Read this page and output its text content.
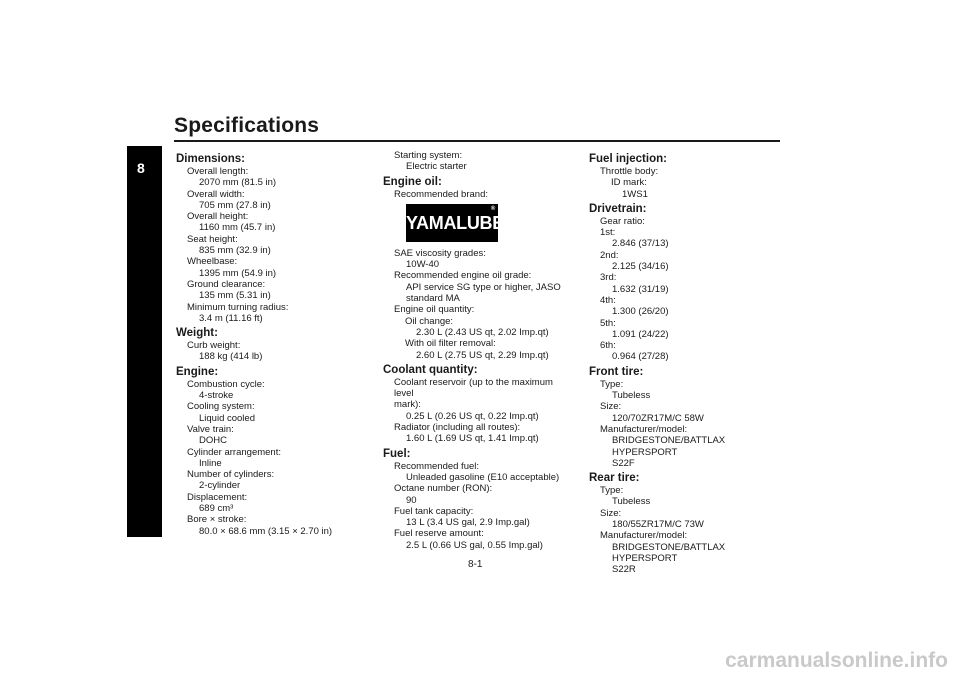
Specifications
8
Dimensions:
Overall length:
2070 mm (81.5 in)
Overall width:
705 mm (27.8 in)
Overall height:
1160 mm (45.7 in)
Seat height:
835 mm (32.9 in)
Wheelbase:
1395 mm (54.9 in)
Ground clearance:
135 mm (5.31 in)
Minimum turning radius:
3.4 m (11.16 ft)
Weight:
Curb weight:
188 kg (414 lb)
Engine:
Combustion cycle:
4-stroke
Cooling system:
Liquid cooled
Valve train:
DOHC
Cylinder arrangement:
Inline
Number of cylinders:
2-cylinder
Displacement:
689 cm³
Bore × stroke:
80.0 × 68.6 mm (3.15 × 2.70 in)
Starting system:
Electric starter
Engine oil:
Recommended brand:
YAMALUBE
®
SAE viscosity grades:
10W-40
Recommended engine oil grade:
API service SG type or higher, JASO
standard MA
Engine oil quantity:
Oil change:
2.30 L (2.43 US qt, 2.02 Imp.qt)
With oil filter removal:
2.60 L (2.75 US qt, 2.29 Imp.qt)
Coolant quantity:
Coolant reservoir (up to the maximum level
mark):
0.25 L (0.26 US qt, 0.22 Imp.qt)
Radiator (including all routes):
1.60 L (1.69 US qt, 1.41 Imp.qt)
Fuel:
Recommended fuel:
Unleaded gasoline (E10 acceptable)
Octane number (RON):
90
Fuel tank capacity:
13 L (3.4 US gal, 2.9 Imp.gal)
Fuel reserve amount:
2.5 L (0.66 US gal, 0.55 Imp.gal)
Fuel injection:
Throttle body:
ID mark:
1WS1
Drivetrain:
Gear ratio:
1st:
2.846 (37/13)
2nd:
2.125 (34/16)
3rd:
1.632 (31/19)
4th:
1.300 (26/20)
5th:
1.091 (24/22)
6th:
0.964 (27/28)
Front tire:
Type:
Tubeless
Size:
120/70ZR17M/C 58W
Manufacturer/model:
BRIDGESTONE/BATTLAX HYPERSPORT
S22F
Rear tire:
Type:
Tubeless
Size:
180/55ZR17M/C 73W
Manufacturer/model:
BRIDGESTONE/BATTLAX HYPERSPORT
S22R
8-1
carmanualsonline.info
